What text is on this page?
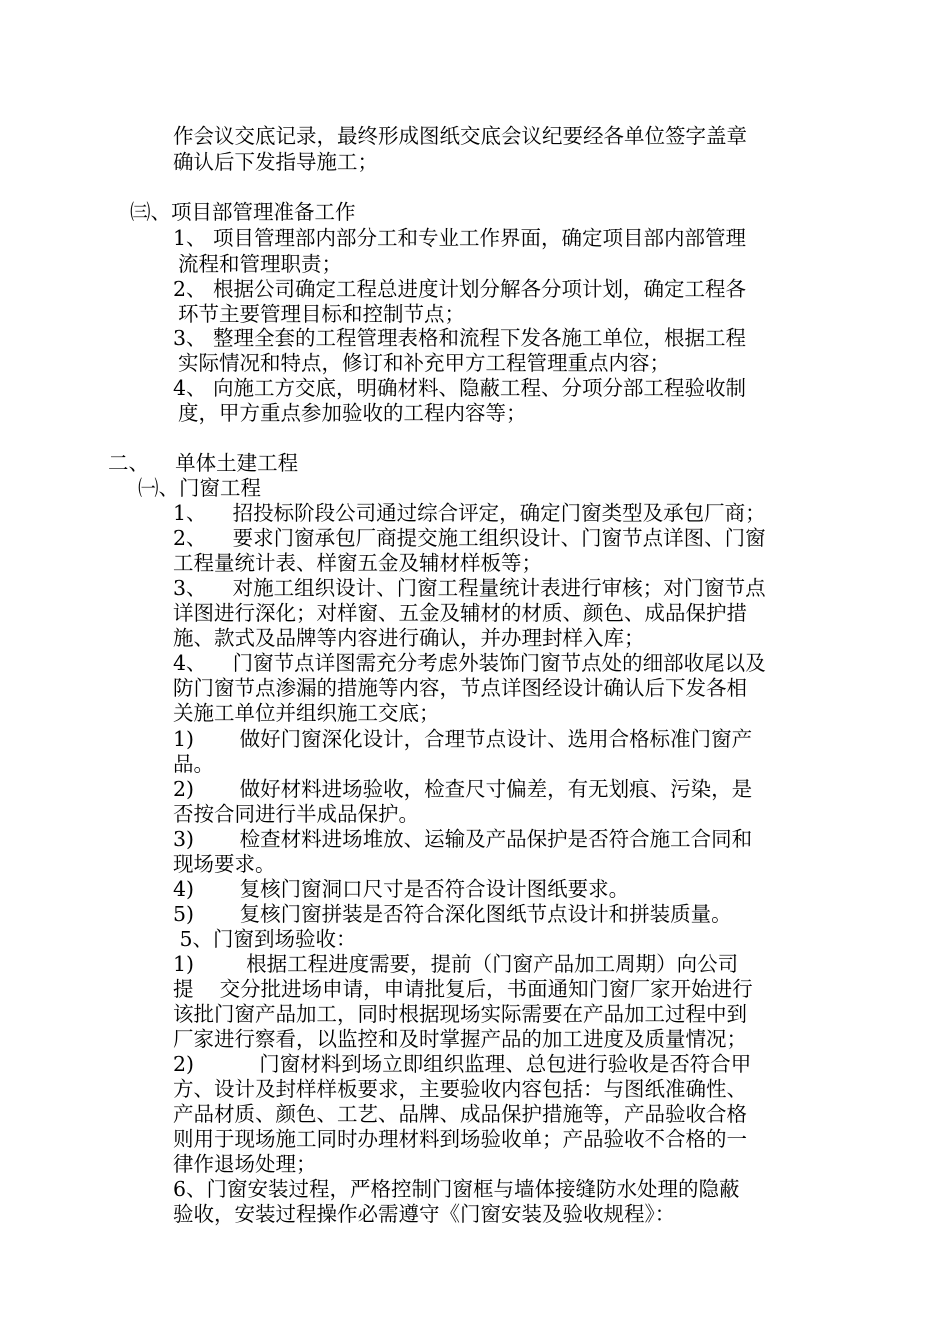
作会议交底记录，最终形成图纸交底会议纪要经各单位签字盖章
确认后下发指导施工；
㈢、项目部管理准备工作
1、 项目管理部内部分工和专业工作界面，确定项目部内部管理
流程和管理职责；
2、 根据公司确定工程总进度计划分解各分项计划，确定工程各
环节主要管理目标和控制节点；
3、 整理全套的工程管理表格和流程下发各施工单位，根据工程
实际情况和特点，修订和补充甲方工程管理重点内容；
4、 向施工方交底，明确材料、隐蔽工程、分项分部工程验收制
度，甲方重点参加验收的工程内容等；
二、    单体土建工程
㈠、门窗工程
1、    招投标阶段公司通过综合评定，确定门窗类型及承包厂商；
2、    要求门窗承包厂商提交施工组织设计、门窗节点详图、门窗
工程量统计表、样窗五金及辅材样板等；
3、    对施工组织设计、门窗工程量统计表进行审核；对门窗节点
详图进行深化；对样窗、五金及辅材的材质、颜色、成品保护措
施、款式及品牌等内容进行确认，并办理封样入库；
4、    门窗节点详图需充分考虑外装饰门窗节点处的细部收尾以及
防门窗节点渗漏的措施等内容，节点详图经设计确认后下发各相
关施工单位并组织施工交底；
1)       做好门窗深化设计，合理节点设计、选用合格标准门窗产
品。
2)       做好材料进场验收，检查尺寸偏差，有无划痕、污染，是
否按合同进行半成品保护。
3)       检查材料进场堆放、运输及产品保护是否符合施工合同和
现场要求。
4)       复核门窗洞口尺寸是否符合设计图纸要求。
5)       复核门窗拼装是否符合深化图纸节点设计和拼装质量。
5、门窗到场验收：
1)        根据工程进度需要，提前（门窗产品加工周期）向公司
提    交分批进场申请，申请批复后，书面通知门窗厂家开始进行
该批门窗产品加工，同时根据现场实际需要在产品加工过程中到
厂家进行察看，以监控和及时掌握产品的加工进度及质量情况；
2)          门窗材料到场立即组织监理、总包进行验收是否符合甲
方、设计及封样样板要求，主要验收内容包括：与图纸准确性、
产品材质、颜色、工艺、品牌、成品保护措施等，产品验收合格
则用于现场施工同时办理材料到场验收单；产品验收不合格的一
律作退场处理；
6、门窗安装过程，严格控制门窗框与墙体接缝防水处理的隐蔽
验收，安装过程操作必需遵守《门窗安装及验收规程》：
